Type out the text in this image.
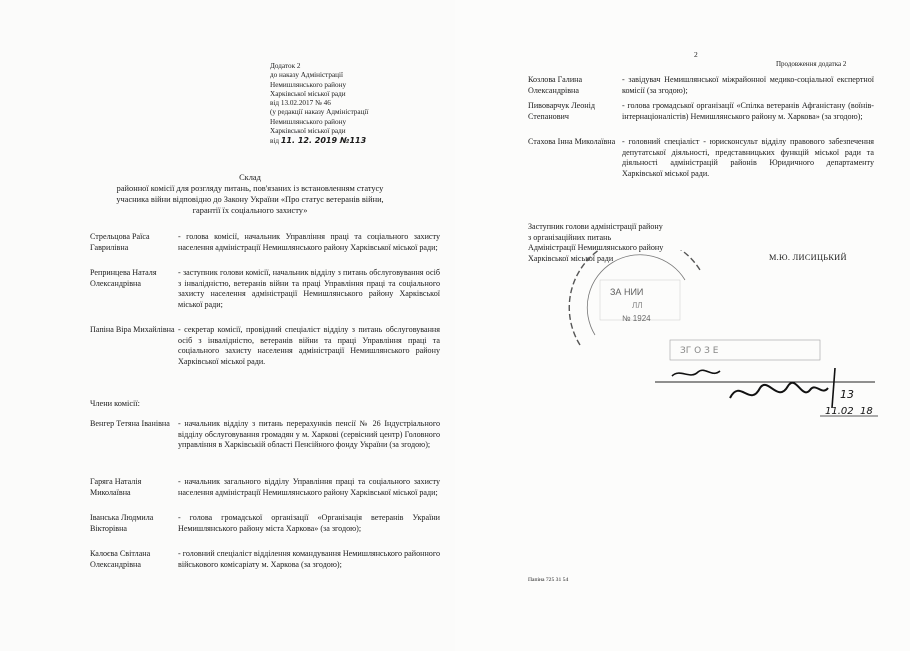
Додаток 2
до наказу Адміністрації
Немишлянського району
Харківської міської ради
від 13.02.2017 № 46
(у редакції наказу Адміністрації
Немишлянського району
Харківської міської ради
від 11. 12. 2019 №113
Склад
районної комісії для розгляду питань, пов'язаних із встановленням статусу
учасника війни відповідно до Закону України «Про статус ветеранів війни,
гарантії їх соціального захисту»
Стрельцова Раїса Гаврилівна
- голова комісії, начальник Управління праці та соціального захисту населення адміністрації Немишлянського району Харківської міської ради;
Репринцева Наталя Олександрівна
- заступник голови комісії, начальник відділу з питань обслуговування осіб з інвалідністю, ветеранів війни та праці Управління праці та соціального захисту населення адміністрації Немишлянського району Харківської міської ради;
Папіна Віра Михайлівна - секретар комісії, провідний спеціаліст відділу з питань обслуговування осіб з інвалідністю, ветеранів війни та праці Управління праці та соціального захисту населення адміністрації Немишлянського району Харківської міської ради.
Члени комісії:
Венгер Тетяна Іванівна	- начальник відділу з питань перерахунків пенсії № 26 Індустріального відділу обслуговування громадян у м. Харкові (сервісний центр) Головного управління в Харківській області Пенсійного фонду України (за згодою);
Гаряга Наталія Миколаївна
- начальник загального відділу Управління праці та соціального захисту населення адміністрації Немишлянського району Харківської міської ради;
Іванська Людмила Вікторівна
- голова громадської організації «Організація ветеранів України Немишлянського району міста Харкова» (за згодою);
Калоєва Світлана Олександрівна
- головний спеціаліст відділення командування Немишлянського районного військового комісаріату м. Харкова (за згодою);
2
Продовження додатка 2
Козлова Галина Олександрівна
- завідувач Немишлянської міжрайонної медико-соціальної експертної комісії (за згодою);
Пивоварчук Леонід Степанович
- голова громадської організації «Спілка ветеранів Афганістану (воїнів-інтернаціоналістів) Немишлянського району м. Харкова» (за згодою);
Стахова Інна Миколаївна - головний спеціаліст - юрисконсульт відділу правового забезпечення депутатської діяльності, представницьких функцій міської ради та діяльності адміністрацій районів Юридичного департаменту Харківської міської ради.
Заступник голови адміністрації району
з організаційних питань
Адміністрації Немишлянського району
Харківської міської ради	М.Ю. ЛИСИЦЬКИЙ
ЗА НИИ
ЛЛ
№ 1924
ЗГ О З Е
13
11.02 18
Папіна 725 31 54
